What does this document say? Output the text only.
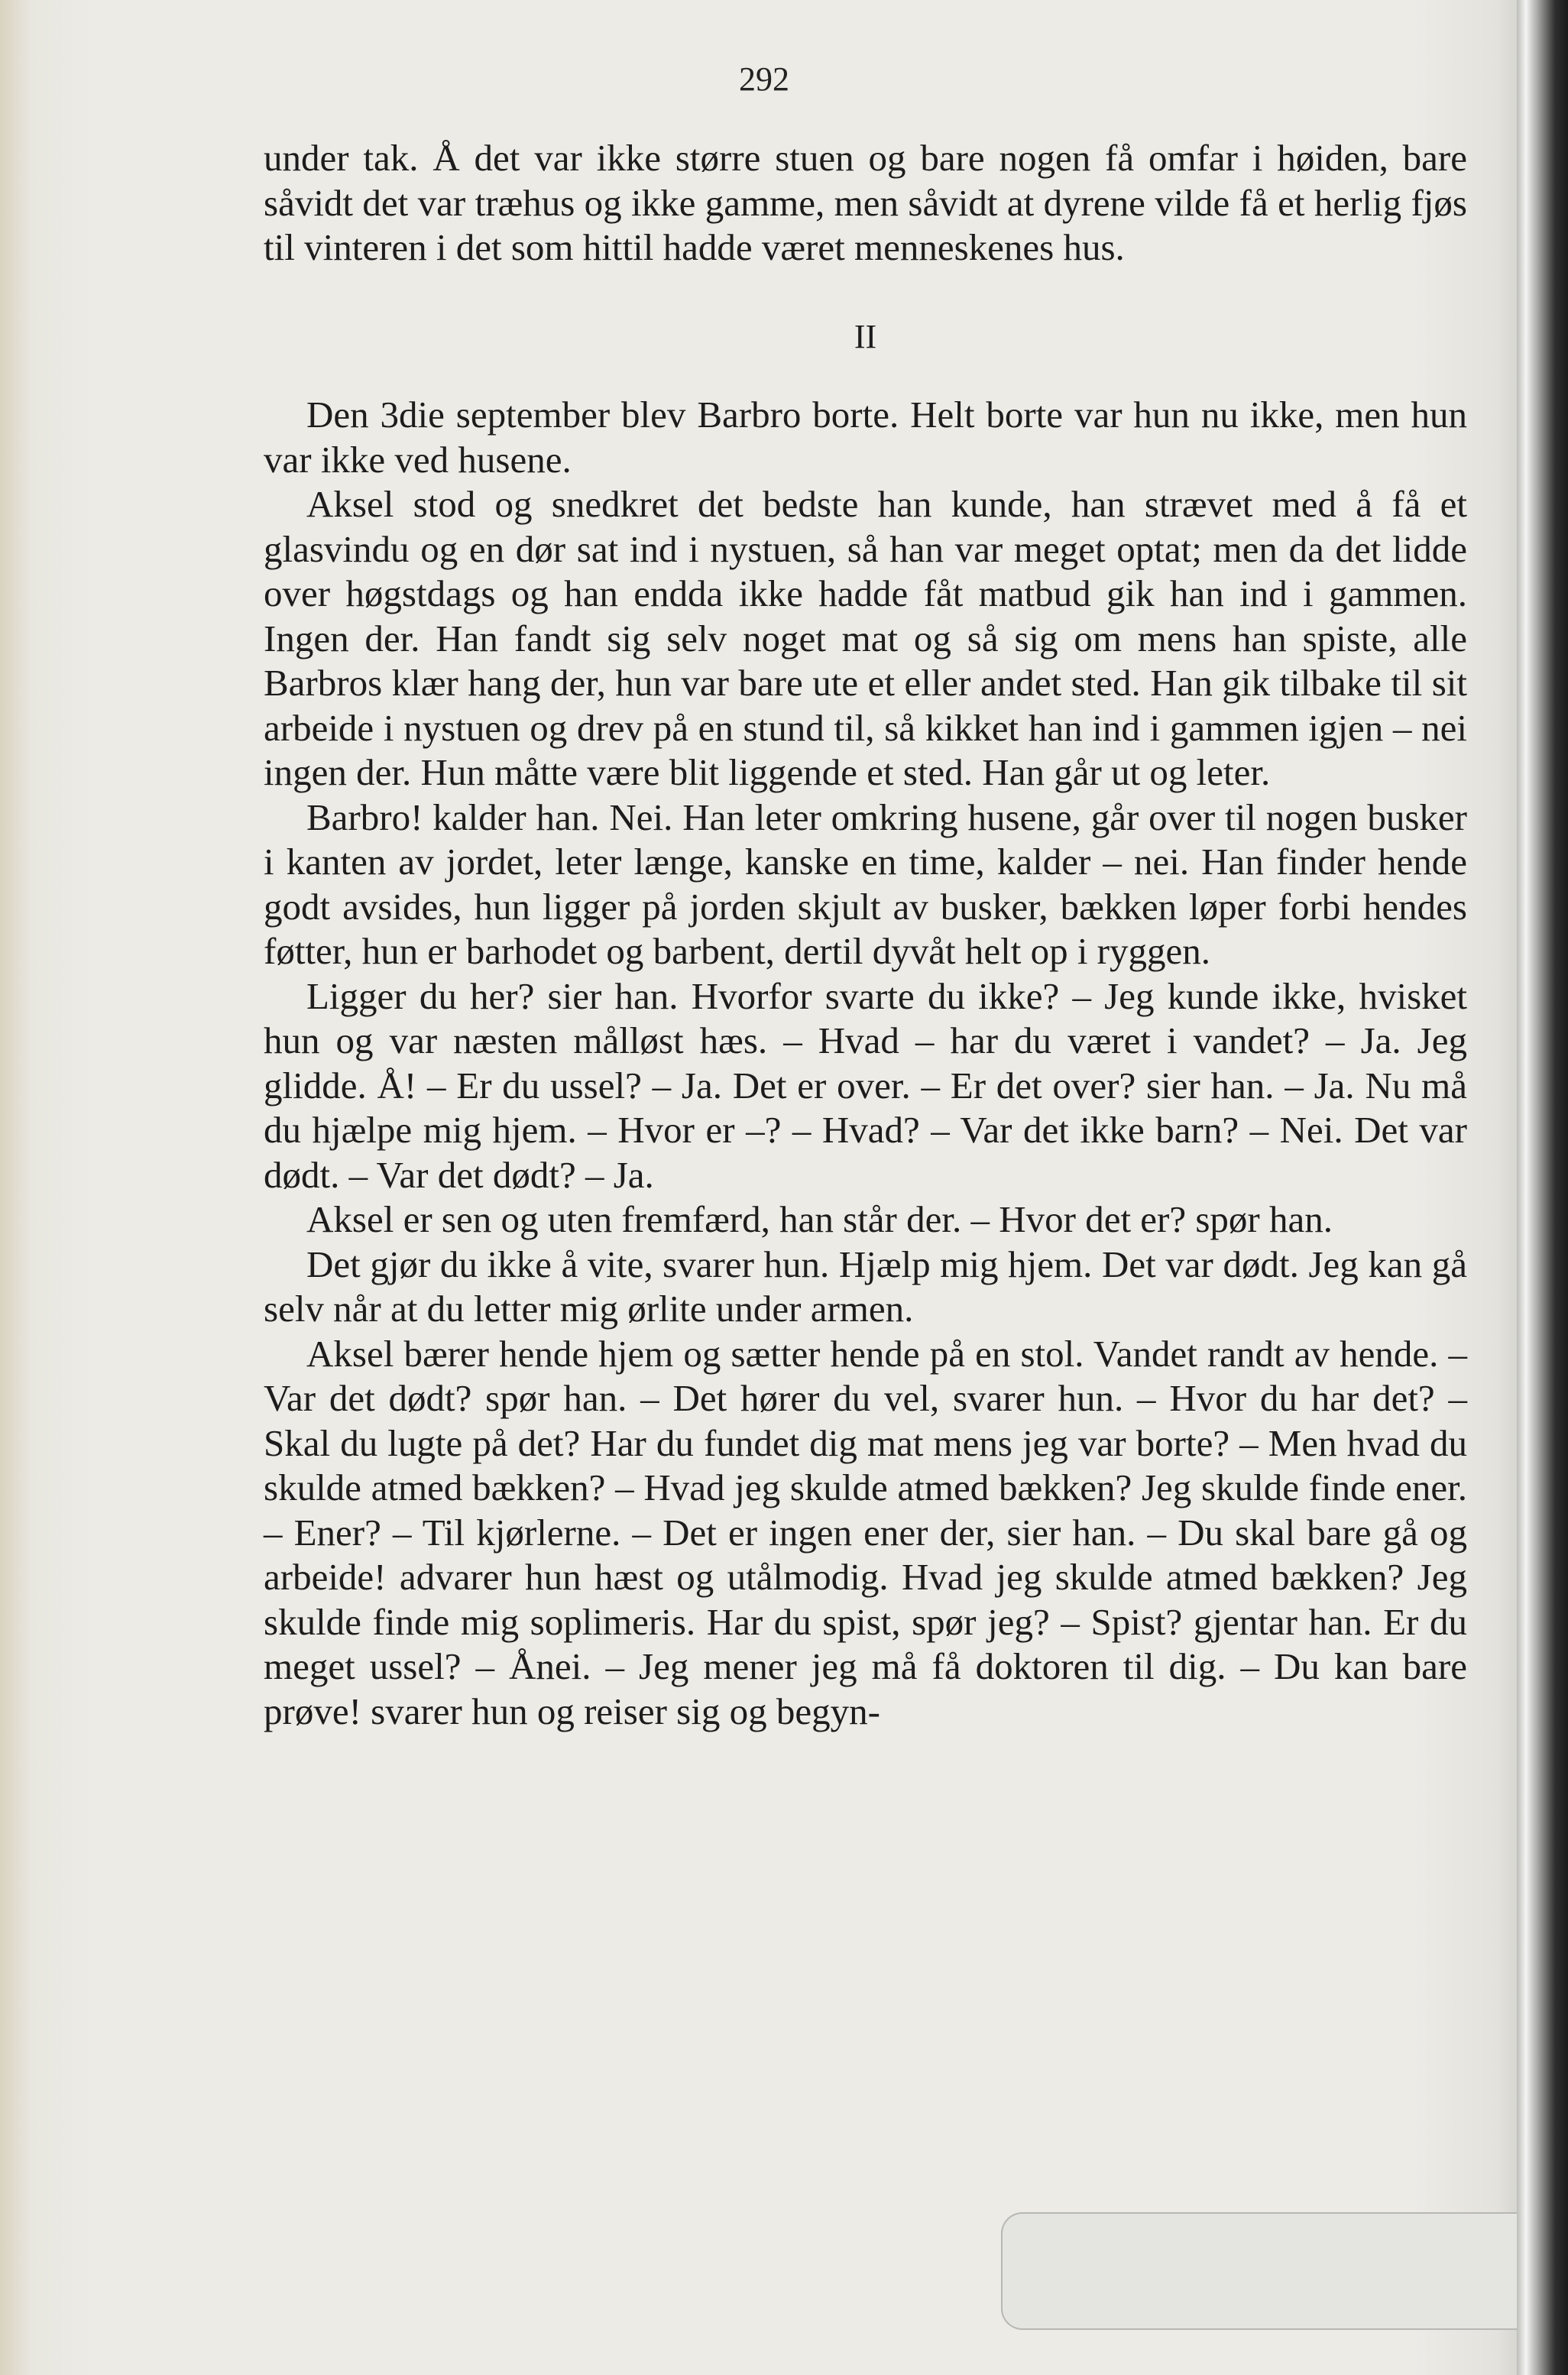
292

under tak. Å det var ikke større stuen og bare nogen få omfar i høiden, bare såvidt det var træhus og ikke gamme, men såvidt at dyrene vilde få et herlig fjøs til vinteren i det som hittil hadde været menneskenes hus.

II

Den 3die september blev Barbro borte. Helt borte var hun nu ikke, men hun var ikke ved husene.

Aksel stod og snedkret det bedste han kunde, han strævet med å få et glasvindu og en dør sat ind i nystuen, så han var meget optat; men da det lidde over høgstdags og han endda ikke hadde fåt matbud gik han ind i gammen. Ingen der. Han fandt sig selv noget mat og så sig om mens han spiste, alle Barbros klær hang der, hun var bare ute et eller andet sted. Han gik tilbake til sit arbeide i nystuen og drev på en stund til, så kikket han ind i gammen igjen – nei ingen der. Hun måtte være blit liggende et sted. Han går ut og leter.

Barbro! kalder han. Nei. Han leter omkring husene, går over til nogen busker i kanten av jordet, leter længe, kanske en time, kalder – nei. Han finder hende godt avsides, hun ligger på jorden skjult av busker, bækken løper forbi hendes føtter, hun er barhodet og barbent, dertil dyvåt helt op i ryggen.

Ligger du her? sier han. Hvorfor svarte du ikke? – Jeg kunde ikke, hvisket hun og var næsten målløst hæs. – Hvad – har du været i vandet? – Ja. Jeg glidde. Å! – Er du ussel? – Ja. Det er over. – Er det over? sier han. – Ja. Nu må du hjælpe mig hjem. – Hvor er –? – Hvad? – Var det ikke barn? – Nei. Det var dødt. – Var det dødt? – Ja.

Aksel er sen og uten fremfærd, han står der. – Hvor det er? spør han.

Det gjør du ikke å vite, svarer hun. Hjælp mig hjem. Det var dødt. Jeg kan gå selv når at du letter mig ørlite under armen.

Aksel bærer hende hjem og sætter hende på en stol. Vandet randt av hende. – Var det dødt? spør han. – Det hører du vel, svarer hun. – Hvor du har det? – Skal du lugte på det? Har du fundet dig mat mens jeg var borte? – Men hvad du skulde atmed bækken? – Hvad jeg skulde atmed bækken? Jeg skulde finde ener. – Ener? – Til kjørlerne. – Det er ingen ener der, sier han. – Du skal bare gå og arbeide! advarer hun hæst og utålmodig. Hvad jeg skulde atmed bækken? Jeg skulde finde mig soplimeris. Har du spist, spør jeg? – Spist? gjentar han. Er du meget ussel? – Ånei. – Jeg mener jeg må få doktoren til dig. – Du kan bare prøve! svarer hun og reiser sig og begyn-
